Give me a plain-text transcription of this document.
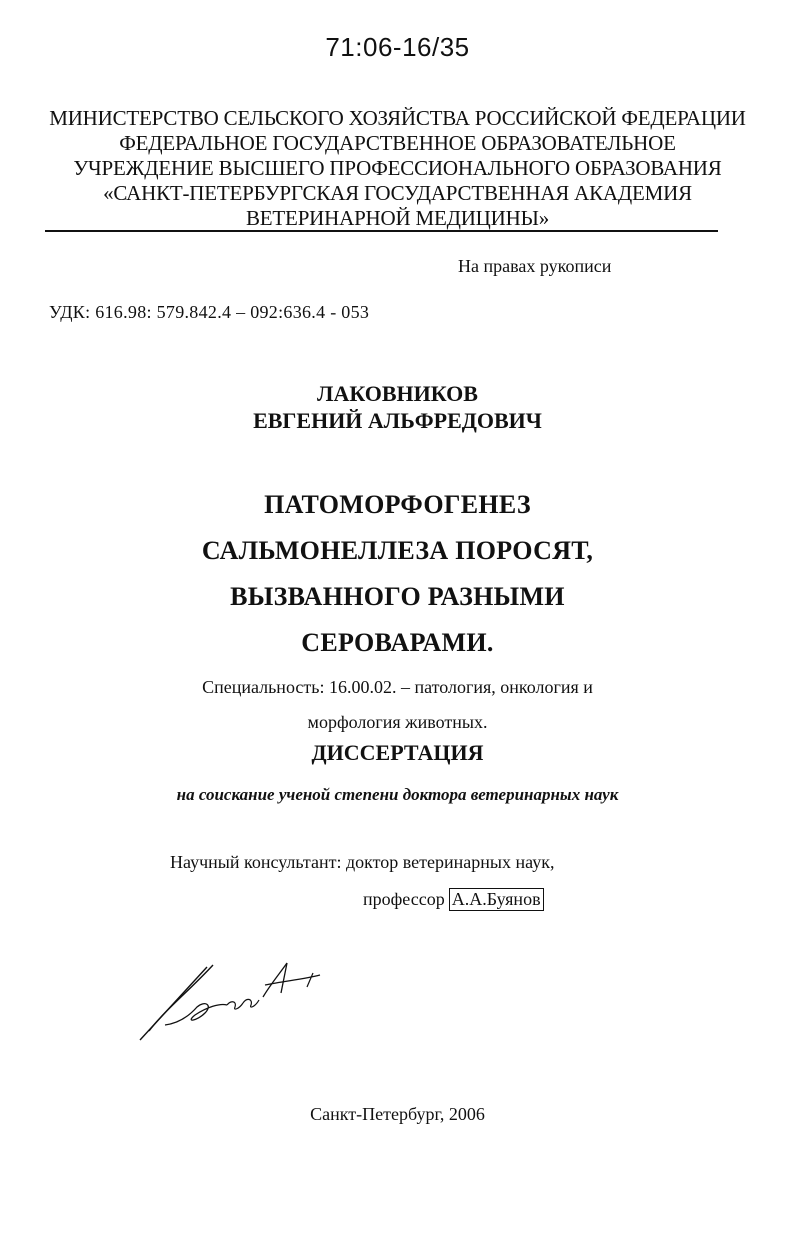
71:06-16/35
МИНИСТЕРСТВО СЕЛЬСКОГО ХОЗЯЙСТВА РОССИЙСКОЙ ФЕДЕРАЦИИ
ФЕДЕРАЛЬНОЕ ГОСУДАРСТВЕННОЕ ОБРАЗОВАТЕЛЬНОЕ
УЧРЕЖДЕНИЕ ВЫСШЕГО ПРОФЕССИОНАЛЬНОГО ОБРАЗОВАНИЯ
«САНКТ-ПЕТЕРБУРГСКАЯ ГОСУДАРСТВЕННАЯ АКАДЕМИЯ
ВЕТЕРИНАРНОЙ МЕДИЦИНЫ»
На правах рукописи
УДК: 616.98: 579.842.4 – 092:636.4 - 053
ЛАКОВНИКОВ
ЕВГЕНИЙ АЛЬФРЕДОВИЧ
ПАТОМОРФОГЕНЕЗ
САЛЬМОНЕЛЛЕЗА ПОРОСЯТ,
ВЫЗВАННОГО РАЗНЫМИ
СЕРОВАРАМИ.
Специальность: 16.00.02. – патология, онкология и
морфология животных.
ДИССЕРТАЦИЯ
на соискание ученой степени доктора ветеринарных наук
Научный консультант: доктор ветеринарных наук,
профессор А.А.Буянов
Санкт-Петербург, 2006
